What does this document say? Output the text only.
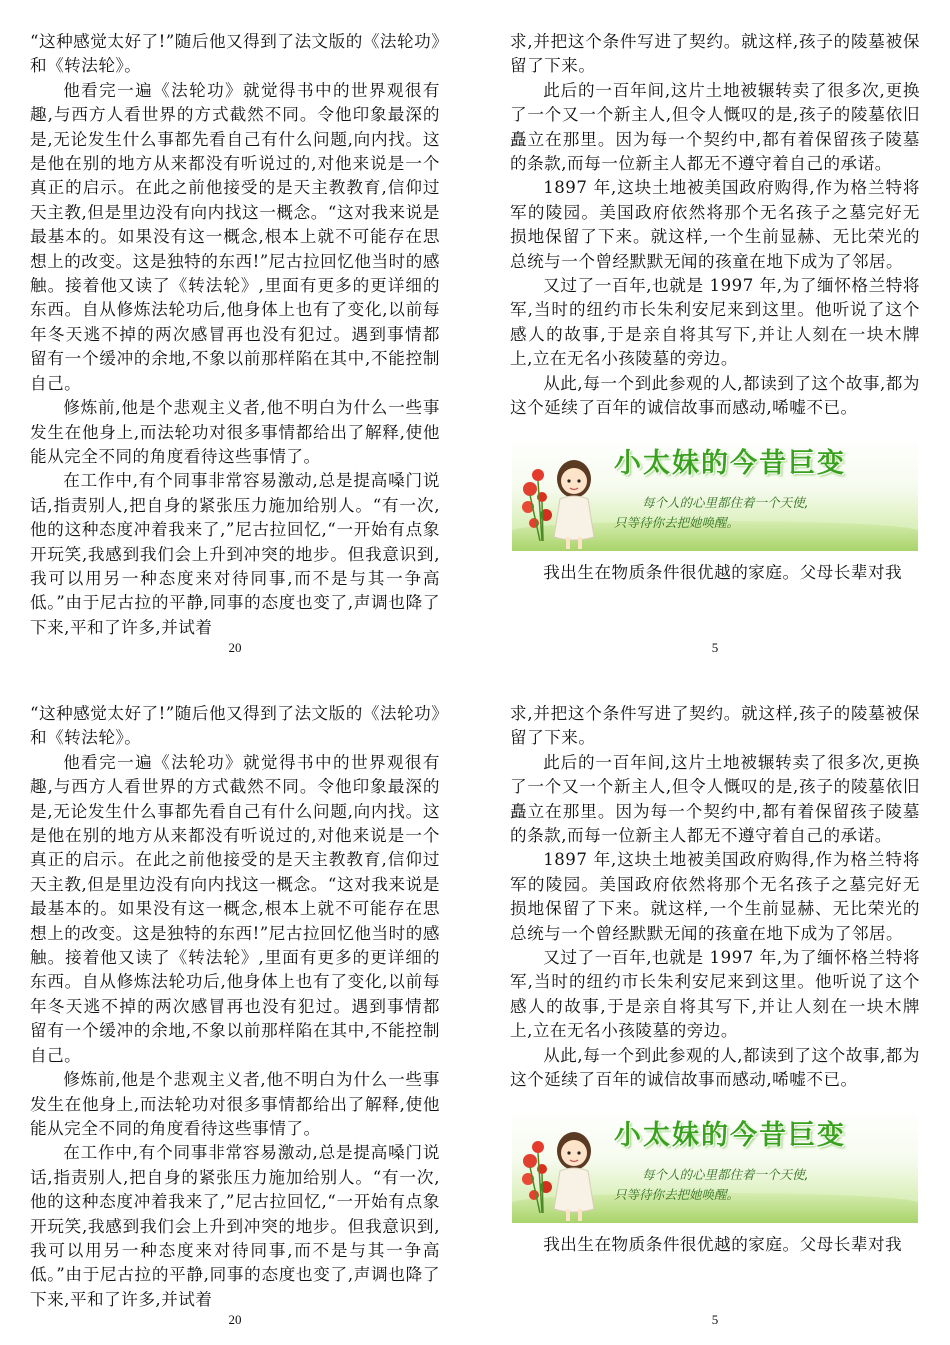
“这种感觉太好了!”随后他又得到了法文版的《法轮功》和《转法轮》。

他看完一遍《法轮功》就觉得书中的世界观很有趣,与西方人看世界的方式截然不同。令他印象最深的是,无论发生什么事都先看自己有什么问题,向内找。这是他在别的地方从来都没有听说过的,对他来说是一个真正的启示。在此之前他接受的是天主教教育,信仰过天主教,但是里边没有向内找这一概念。“这对我来说是最基本的。如果没有这一概念,根本上就不可能存在思想上的改变。这是独特的东西!”尼古拉回忆他当时的感触。接着他又读了《转法轮》,里面有更多的更详细的东西。自从修炼法轮功后,他身体上也有了变化,以前每年冬天逃不掉的两次感冒再也没有犯过。遇到事情都留有一个缓冲的余地,不象以前那样陷在其中,不能控制自己。

修炼前,他是个悲观主义者,他不明白为什么一些事发生在他身上,而法轮功对很多事情都给出了解释,使他能从完全不同的角度看待这些事情了。

在工作中,有个同事非常容易激动,总是提高嗓门说话,指责别人,把自身的紧张压力施加给别人。“有一次,他的这种态度冲着我来了,”尼古拉回忆,“一开始有点象开玩笑,我感到我们会上升到冲突的地步。但我意识到,我可以用另一种态度来对待同事,而不是与其一争高低。”由于尼古拉的平静,同事的态度也变了,声调也降了下来,平和了许多,并试着

20

求,并把这个条件写进了契约。就这样,孩子的陵墓被保留了下来。

此后的一百年间,这片土地被辗转卖了很多次,更换了一个又一个新主人,但令人慨叹的是,孩子的陵墓依旧矗立在那里。因为每一个契约中,都有着保留孩子陵墓的条款,而每一位新主人都无不遵守着自己的承诺。

1897 年,这块土地被美国政府购得,作为格兰特将军的陵园。美国政府依然将那个无名孩子之墓完好无损地保留了下来。就这样,一个生前显赫、无比荣光的总统与一个曾经默默无闻的孩童在地下成为了邻居。

又过了一百年,也就是 1997 年,为了缅怀格兰特将军,当时的纽约市长朱利安尼来到这里。他听说了这个感人的故事,于是亲自将其写下,并让人刻在一块木牌上,立在无名小孩陵墓的旁边。

从此,每一个到此参观的人,都读到了这个故事,都为这个延续了百年的诚信故事而感动,唏嘘不已。

小太妹的今昔巨变
每个人的心里都住着一个天使,
只等待你去把她唤醒。

我出生在物质条件很优越的家庭。父母长辈对我

5

“这种感觉太好了!”随后他又得到了法文版的《法轮功》和《转法轮》。

他看完一遍《法轮功》就觉得书中的世界观很有趣,与西方人看世界的方式截然不同。令他印象最深的是,无论发生什么事都先看自己有什么问题,向内找。这是他在别的地方从来都没有听说过的,对他来说是一个真正的启示。在此之前他接受的是天主教教育,信仰过天主教,但是里边没有向内找这一概念。“这对我来说是最基本的。如果没有这一概念,根本上就不可能存在思想上的改变。这是独特的东西!”尼古拉回忆他当时的感触。接着他又读了《转法轮》,里面有更多的更详细的东西。自从修炼法轮功后,他身体上也有了变化,以前每年冬天逃不掉的两次感冒再也没有犯过。遇到事情都留有一个缓冲的余地,不象以前那样陷在其中,不能控制自己。

修炼前,他是个悲观主义者,他不明白为什么一些事发生在他身上,而法轮功对很多事情都给出了解释,使他能从完全不同的角度看待这些事情了。

在工作中,有个同事非常容易激动,总是提高嗓门说话,指责别人,把自身的紧张压力施加给别人。“有一次,他的这种态度冲着我来了,”尼古拉回忆,“一开始有点象开玩笑,我感到我们会上升到冲突的地步。但我意识到,我可以用另一种态度来对待同事,而不是与其一争高低。”由于尼古拉的平静,同事的态度也变了,声调也降了下来,平和了许多,并试着

20

求,并把这个条件写进了契约。就这样,孩子的陵墓被保留了下来。

此后的一百年间,这片土地被辗转卖了很多次,更换了一个又一个新主人,但令人慨叹的是,孩子的陵墓依旧矗立在那里。因为每一个契约中,都有着保留孩子陵墓的条款,而每一位新主人都无不遵守着自己的承诺。

1897 年,这块土地被美国政府购得,作为格兰特将军的陵园。美国政府依然将那个无名孩子之墓完好无损地保留了下来。就这样,一个生前显赫、无比荣光的总统与一个曾经默默无闻的孩童在地下成为了邻居。

又过了一百年,也就是 1997 年,为了缅怀格兰特将军,当时的纽约市长朱利安尼来到这里。他听说了这个感人的故事,于是亲自将其写下,并让人刻在一块木牌上,立在无名小孩陵墓的旁边。

从此,每一个到此参观的人,都读到了这个故事,都为这个延续了百年的诚信故事而感动,唏嘘不已。

小太妹的今昔巨变
每个人的心里都住着一个天使,
只等待你去把她唤醒。

我出生在物质条件很优越的家庭。父母长辈对我

5
